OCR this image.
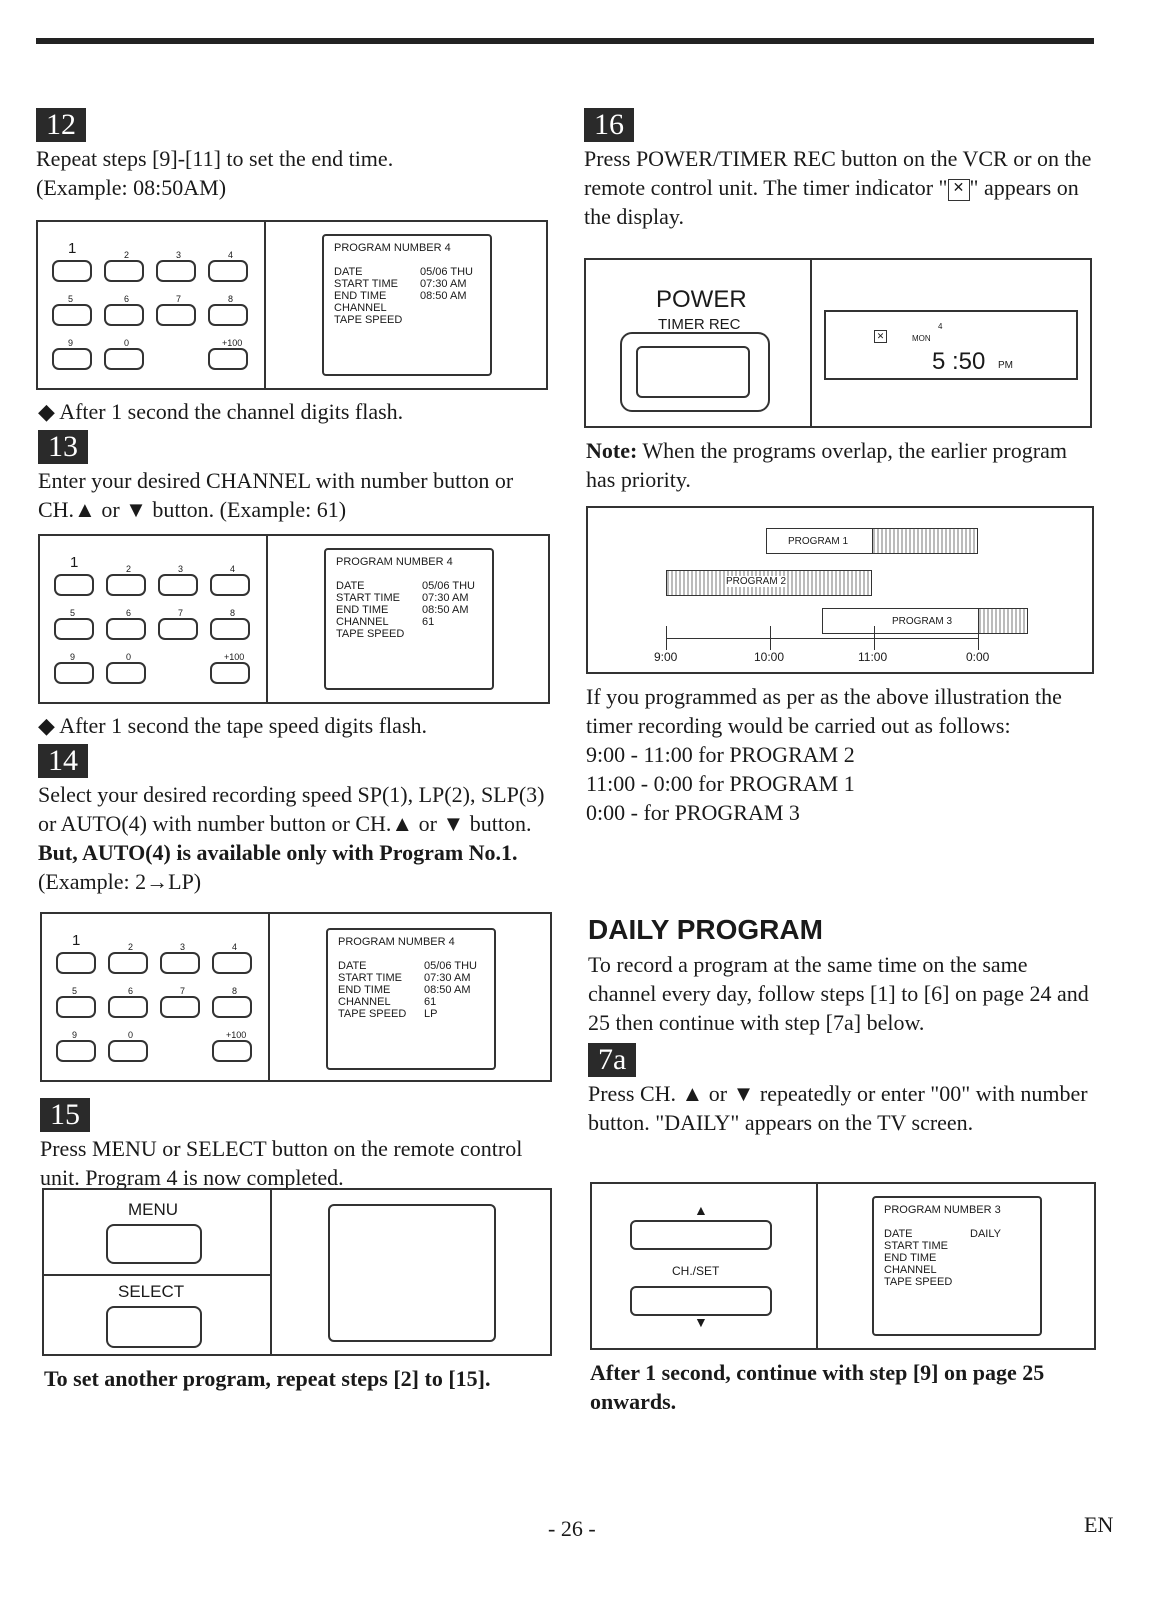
12

Repeat steps [9]-[11] to set the end time.

(Example: 08:50AM)

1	2	3	4
5	6	7	8
9	0	+100
PROGRAM NUMBER 4
DATE	05/06 THU
START TIME	07:30 AM
END TIME	08:50 AM
CHANNEL
TAPE SPEED

◆ After 1 second the channel digits flash.

13

Enter your desired CHANNEL with number button or CH.▲ or ▼ button. (Example: 61)

1	2	3	4
5	6	7	8
9	0	+100
PROGRAM NUMBER 4
DATE	05/06 THU
START TIME	07:30 AM
END TIME	08:50 AM
CHANNEL	61
TAPE SPEED

◆ After 1 second the tape speed digits flash.

14

Select your desired recording speed SP(1), LP(2), SLP(3) or AUTO(4) with number button or CH.▲ or ▼ button. But, AUTO(4) is available only with Program No.1. (Example: 2→LP)

1	2	3	4
5	6	7	8
9	0	+100
PROGRAM NUMBER 4
DATE	05/06 THU
START TIME	07:30 AM
END TIME	08:50 AM
CHANNEL	61
TAPE SPEED	LP
15

Press MENU or SELECT button on the remote control unit. Program 4 is now completed.

MENU
SELECT

To set another program, repeat steps [2] to [15].

16

Press POWER/TIMER REC button on the VCR or on the remote control unit. The timer indicator " ✕ " appears on the display.

POWER
TIMER REC
✕	MON
4
5 :50 PM

Note: When the programs overlap, the earlier program has priority.

PROGRAM 1
PROGRAM 2
PROGRAM 3
9:00	10:00	11:00	0:00

If you programmed as per as the above illustration the timer recording would be carried out as follows:

9:00 - 11:00 for PROGRAM 2

11:00 - 0:00 for PROGRAM 1

0:00 - for PROGRAM 3

DAILY PROGRAM

To record a program at the same time on the same channel every day, follow steps [1] to [6] on page 24 and 25 then continue with step [7a] below.

7a

Press CH. ▲ or ▼ repeatedly or enter "00" with number button. "DAILY" appears on the TV screen.

▲
CH./SET
▼
PROGRAM NUMBER 3
DATE	DAILY
START TIME
END TIME
CHANNEL
TAPE SPEED

After 1 second, continue with step [9] on page 25 onwards.

- 26 -	EN
